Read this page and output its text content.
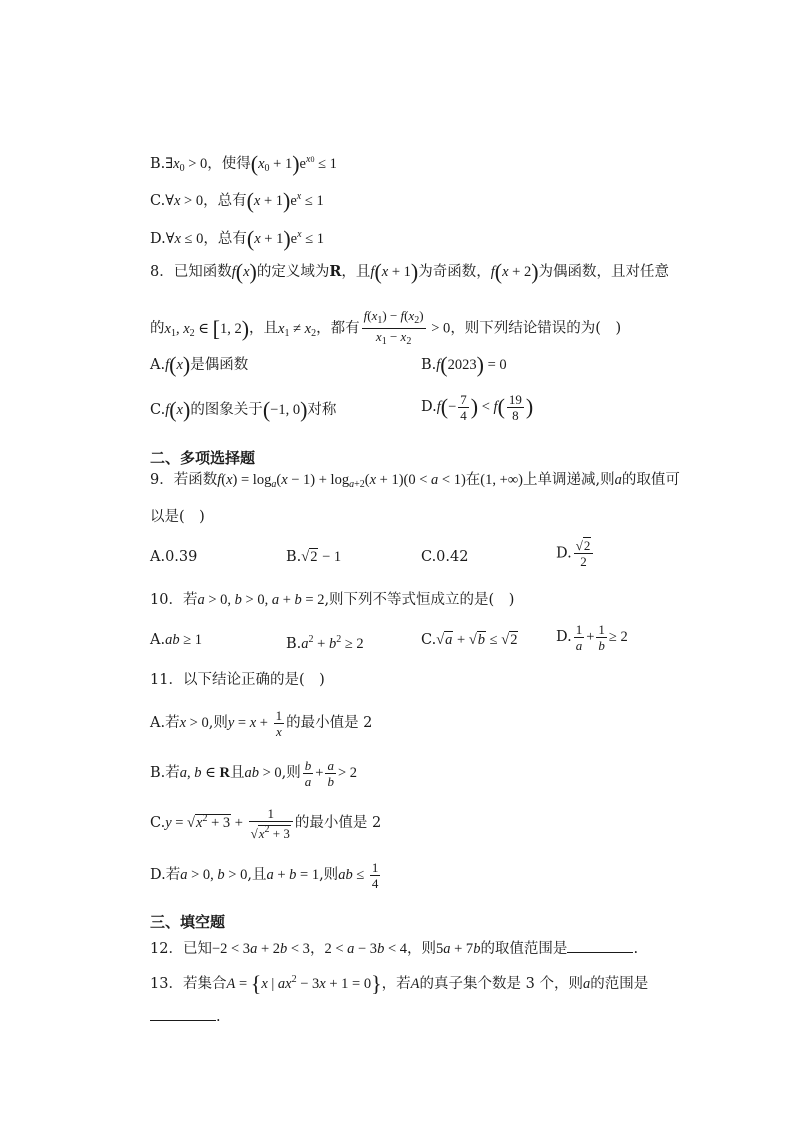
$B.\exists x_0 > 0$，使得$(x_0 + 1)e^{x0} \le 1$
C.∀x > 0，总有$(x + 1)e^x \le 1$
D.∀x ≤ 0，总有$(x + 1)e^x \le 1$
8．已知函数f(x)的定义域为R，且f(x + 1)为奇函数，f(x + 2)为偶函数，且对任意
的$x_1$, $x_2$ ∈ [1, 2)，且$x_1 \ne x_2$，都有 $\frac{f(x_1) - f(x_2)}{x_1 - x_2} > 0$，则下列结论错误的为(　)
A.f(x)是偶函数	B.f(2023) = 0
C.f(x)的图象关于(−1, 0)对称	$D.f(- \frac{7}{4}$ ) < $f( \frac{19}{8}$ )
二、多项选择题
9．若函数$f(x) = \log_a(x - 1) + \log_{a+2}(x + 1)(0 < a < 1)$在(1, +∞)上单调递减,则a的取值可
以是(　)
A.0.39	B.√2 − 1	C.0.42	D. $\frac{√2}{2}$
10．若a > 0, b > 0, a + b = 2,则下列不等式恒成立的是(　)
A.ab ≥ 1	$B.a^2 + b^2 \ge 2$	C.√a + √b ≤ √2	D. $\frac{1}{a} + \frac{1}{b} \ge 2$
11．以下结论正确的是(　)
A.若x > 0,则$y = x + \frac{1}{x}$ 的最小值是 2
B.若a, b ∈ R且ab > 0,则 $\frac{b}{a} + \frac{a}{b} > 2$
$C.y = √x^2 + 3 + \frac{1}{√x^2 + 3}$ 的最小值是 2
D.若a > 0, b > 0,且a + b = 1,则ab ≤ $\frac{1}{4}$
三、填空题
12．已知−2 < 3a + 2b < 3，2 < a − 3b < 4，则5a + 7b的取值范围是	.
13．若集合A = {x | $ax^2 - 3x + 1 = 0$}，若A的真子集个数是 3 个，则a的范围是
.
